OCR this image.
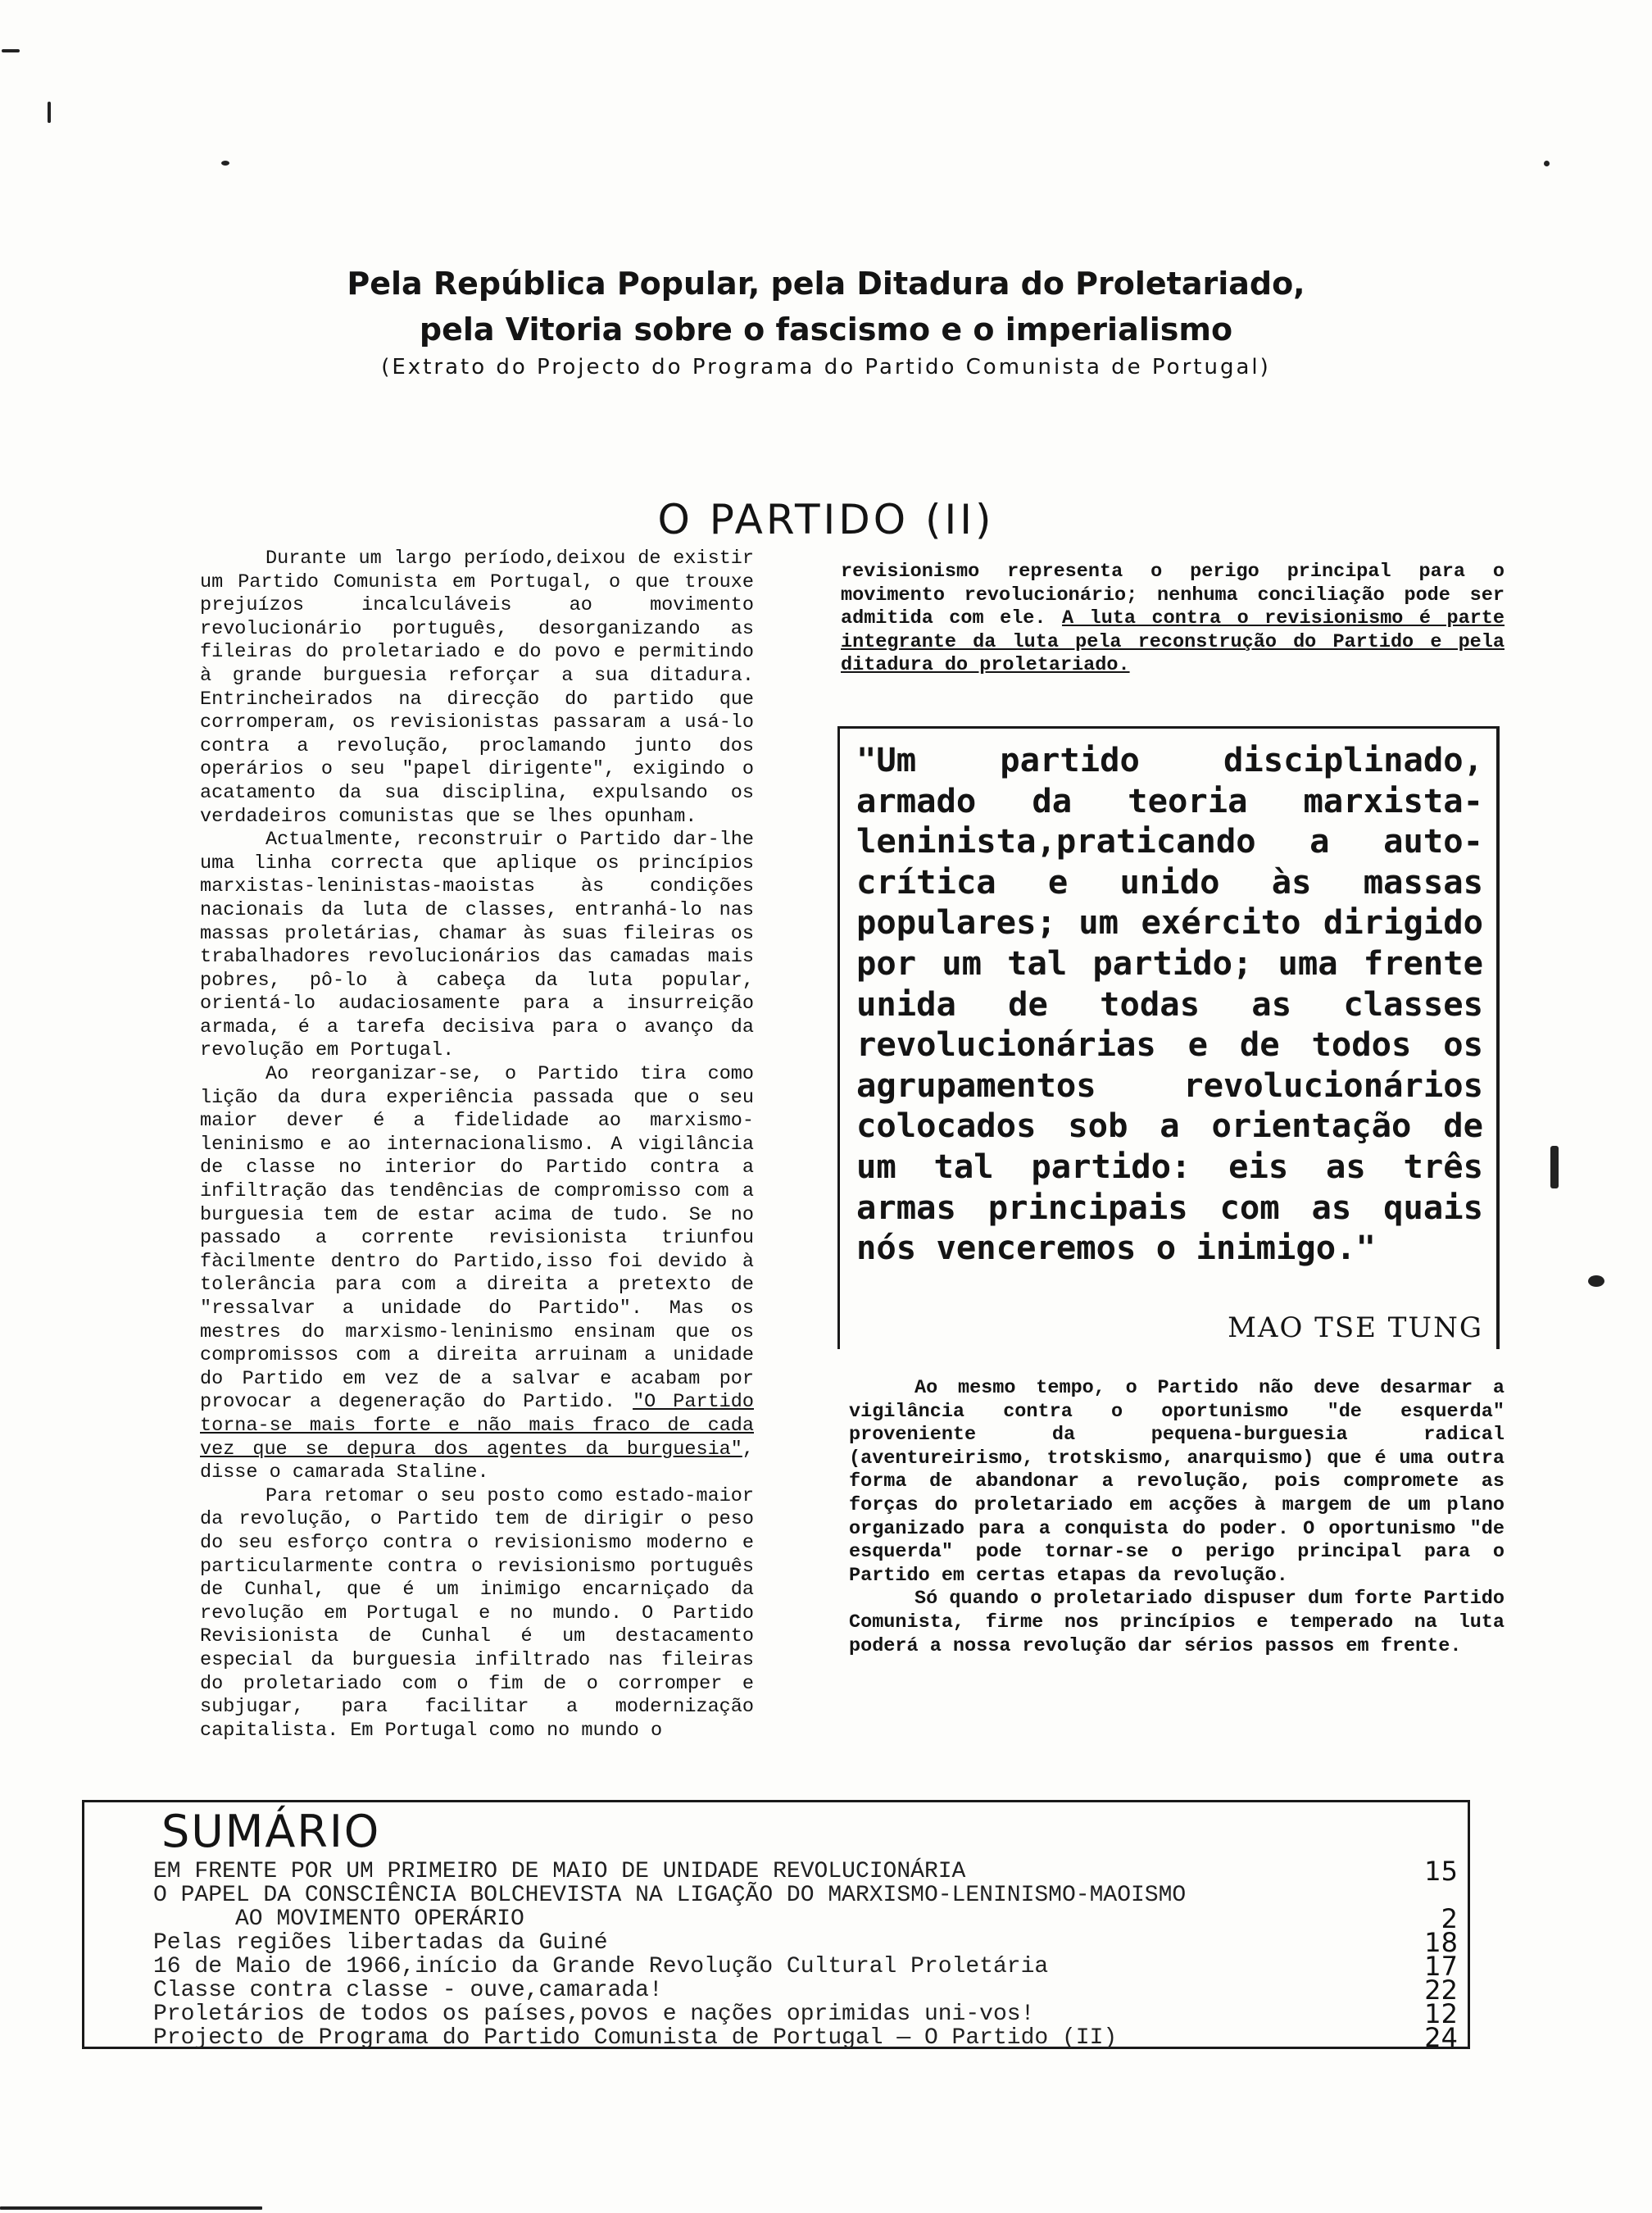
Pela República Popular, pela Ditadura do Proletariado,
pela Vitoria sobre o fascismo e o imperialismo
(Extrato do Projecto do Programa do Partido Comunista de Portugal)
O PARTIDO (II)

Durante um largo período,deixou de existir um Partido Comunista em Portugal, o que trouxe prejuízos incalculáveis ao movimento revolucionário português, desorganizando as fileiras do proletariado e do povo e permitindo à grande burguesia reforçar a sua ditadura. Entrincheirados na direcção do partido que corromperam, os revisionistas passaram a usá-lo contra a revolução, proclamando junto dos operários o seu "papel dirigente", exigindo o acatamento da sua disciplina, expulsando os verdadeiros comunistas que se lhes opunham.

Actualmente, reconstruir o Partido dar-lhe uma linha correcta que aplique os princípios marxistas-leninistas-maoistas às condições nacionais da luta de classes, entranhá-lo nas massas proletárias, chamar às suas fileiras os trabalhadores revolucionários das camadas mais pobres, pô-lo à cabeça da luta popular, orientá-lo audaciosamente para a insurreição armada, é a tarefa decisiva para o avanço da revolução em Portugal.

Ao reorganizar-se, o Partido tira como lição da dura experiência passada que o seu maior dever é a fidelidade ao marxismo-leninismo e ao internacionalismo. A vigilância de classe no interior do Partido contra a infiltração das tendências de compromisso com a burguesia tem de estar acima de tudo. Se no passado a corrente revisionista triunfou fàcilmente dentro do Partido,isso foi devido à tolerância para com a direita a pretexto de "ressalvar a unidade do Partido". Mas os mestres do marxismo-leninismo ensinam que os compromissos com a direita arruinam a unidade do Partido em vez de a salvar e acabam por provocar a degeneração do Partido. "O Partido torna-se mais forte e não mais fraco de cada vez que se depura dos agentes da burguesia", disse o camarada Staline.

Para retomar o seu posto como estado-maior da revolução, o Partido tem de dirigir o peso do seu esforço contra o revisionismo moderno e particularmente contra o revisionismo português de Cunhal, que é um inimigo encarniçado da revolução em Portugal e no mundo. O Partido Revisionista de Cunhal é um destacamento especial da burguesia infiltrado nas fileiras do proletariado com o fim de o corromper e subjugar, para facilitar a modernização capitalista. Em Portugal como no mundo o

revisionismo representa o perigo principal para o movimento revolucionário; nenhuma conciliação pode ser admitida com ele. A luta contra o revisionismo é parte integrante da luta pela reconstrução do Partido e pela ditadura do proletariado.

"Um partido disciplinado, armado da teoria marxista-leninista,praticando a auto-crítica e unido às massas populares; um exército dirigido por um tal partido; uma frente unida de todas as classes revolucionárias e de todos os agrupamentos revolucionários colocados sob a orientação de um tal partido: eis as três armas principais com as quais nós venceremos o inimigo."

MAO TSE TUNG

Ao mesmo tempo, o Partido não deve desarmar a vigilância contra o oportunismo "de esquerda" proveniente da pequena-burguesia radical (aventureirismo, trotskismo, anarquismo) que é uma outra forma de abandonar a revolução, pois compromete as forças do proletariado em acções à margem de um plano organizado para a conquista do poder. O oportunismo "de esquerda" pode tornar-se o perigo principal para o Partido em certas etapas da revolução.

Só quando o proletariado dispuser dum forte Partido Comunista, firme nos princípios e temperado na luta poderá a nossa revolução dar sérios passos em frente.

SUMÁRIO
EM FRENTE POR UM PRIMEIRO DE MAIO DE UNIDADE REVOLUCIONÁRIA	15
O PAPEL DA CONSCIÊNCIA BOLCHEVISTA NA LIGAÇÃO DO MARXISMO-LENINISMO-MAOISMO
AO MOVIMENTO OPERÁRIO	2
Pelas regiões libertadas da Guiné	18
16 de Maio de 1966,início da Grande Revolução Cultural Proletária	17
Classe contra classe - ouve,camarada!	22
Proletários de todos os países,povos e nações oprimidas uni-vos!	12
Projecto de Programa do Partido Comunista de Portugal — O Partido (II)	24
